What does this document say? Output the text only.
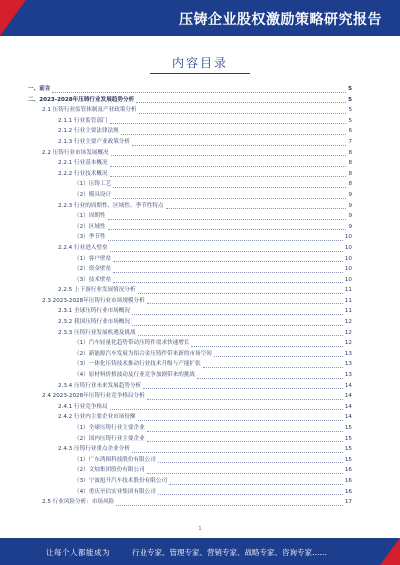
压铸企业股权激励策略研究报告
内容目录
一、前言	5
二、2023-2028年压铸行业发展趋势分析	5
2.1 压铸行业监管体制及产业政策分析	5
2.1.1 行业监管部门	5
2.1.2 行业主要法律法规	6
2.1.3 行业主要产业政策分析	7
2.2 压铸行业市场发展概况	8
2.2.1 行业基本概况	8
2.2.2 行业技术概况	8
（1）压铸工艺	8
（2）模具设计	9
2.2.3 行业的周期性、区域性、季节性特点	9
（1）周期性	9
（2）区域性	9
（3）季节性	10
2.2.4 行业进入壁垒	10
（1）客户壁垒	10
（2）资金壁垒	10
（3）技术壁垒	10
2.2.5 上下游行业发展情况分析	11
2.3 2023-2028年压铸行业市场规模分析	11
2.3.1 全球压铸行业市场概况	11
2.3.2 我国压铸行业市场概况	12
2.3.3 压铸行业发展机遇及挑战	12
（1）汽车轻量化趋势带动压铸件需求快速增长	12
（2）新能源汽车发展为铝合金压铸件带来新的市场空间	13
（3）一体化压铸技术推动行业技术升级与产能扩张	13
（4）原材料价格波动及行业竞争加剧带来的挑战	13
2.3.4 压铸行业未来发展趋势分析	14
2.4 2023-2028年压铸行业竞争格局分析	14
2.4.1 行业竞争格局	14
2.4.2 行业内主要企业市场份额	14
（1）全球压铸行业主要企业	15
（2）国内压铸行业主要企业	15
2.4.3 压铸行业重点企业分析	15
（1）广东鸿图科技股份有限公司	15
（2）文灿集团股份有限公司	16
（3）宁波旭升汽车技术股份有限公司	16
（4）重庆至信实业集团有限公司	16
2.5 行业风险分析：市场风险	17
1
让每个人都能成为	行业专家、管理专家、营销专家、战略专家、咨询专家……
